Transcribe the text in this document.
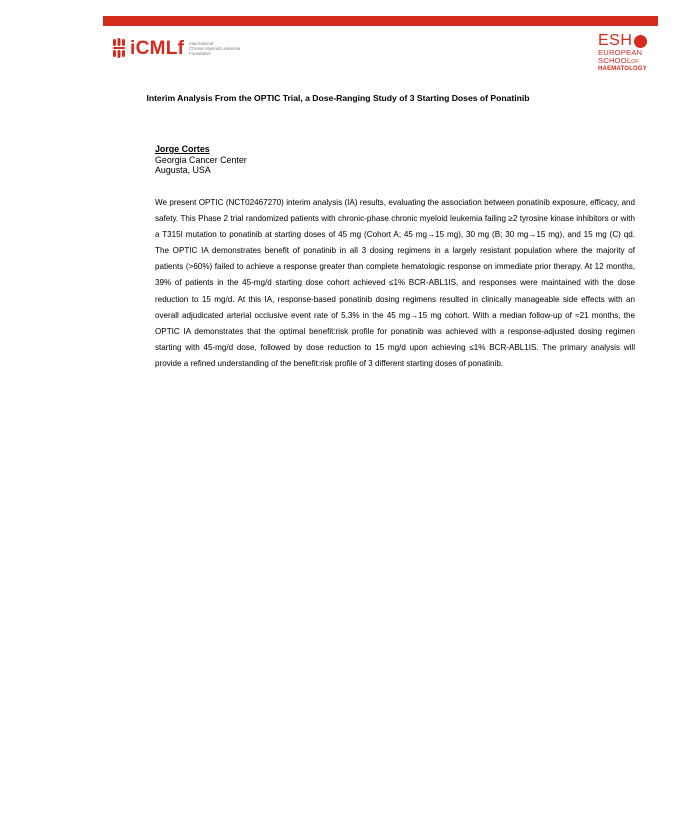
iCMLf International
Chronic Myeloid Leukemia
Foundation
ESH
EUROPEAN
SCHOOLOF
HAEMATOLOGY
Interim Analysis From the OPTIC Trial, a Dose-Ranging Study of 3 Starting Doses of Ponatinib
Jorge Cortes
Georgia Cancer Center
Augusta, USA

We present OPTIC (NCT02467270) interim analysis (IA) results, evaluating the association between ponatinib exposure, efficacy, and safety. This Phase 2 trial randomized patients with chronic-phase chronic myeloid leukemia failing ≥2 tyrosine kinase inhibitors or with a T315I mutation to ponatinib at starting doses of 45 mg (Cohort A; 45 mg→15 mg), 30 mg (B; 30 mg→15 mg), and 15 mg (C) qd. The OPTIC IA demonstrates benefit of ponatinib in all 3 dosing regimens in a largely resistant population where the majority of patients (>60%) failed to achieve a response greater than complete hematologic response on immediate prior therapy. At 12 months, 39% of patients in the 45-mg/d starting dose cohort achieved ≤1% BCR-ABL1IS, and responses were maintained with the dose reduction to 15 mg/d. At this IA, response-based ponatinib dosing regimens resulted in clinically manageable side effects with an overall adjudicated arterial occlusive event rate of 5.3% in the 45 mg→15 mg cohort. With a median follow-up of ≈21 months, the OPTIC IA demonstrates that the optimal benefit:risk profile for ponatinib was achieved with a response-adjusted dosing regimen starting with 45-mg/d dose, followed by dose reduction to 15 mg/d upon achieving ≤1% BCR-ABL1IS. The primary analysis will provide a refined understanding of the benefit:risk profile of 3 different starting doses of ponatinib.
